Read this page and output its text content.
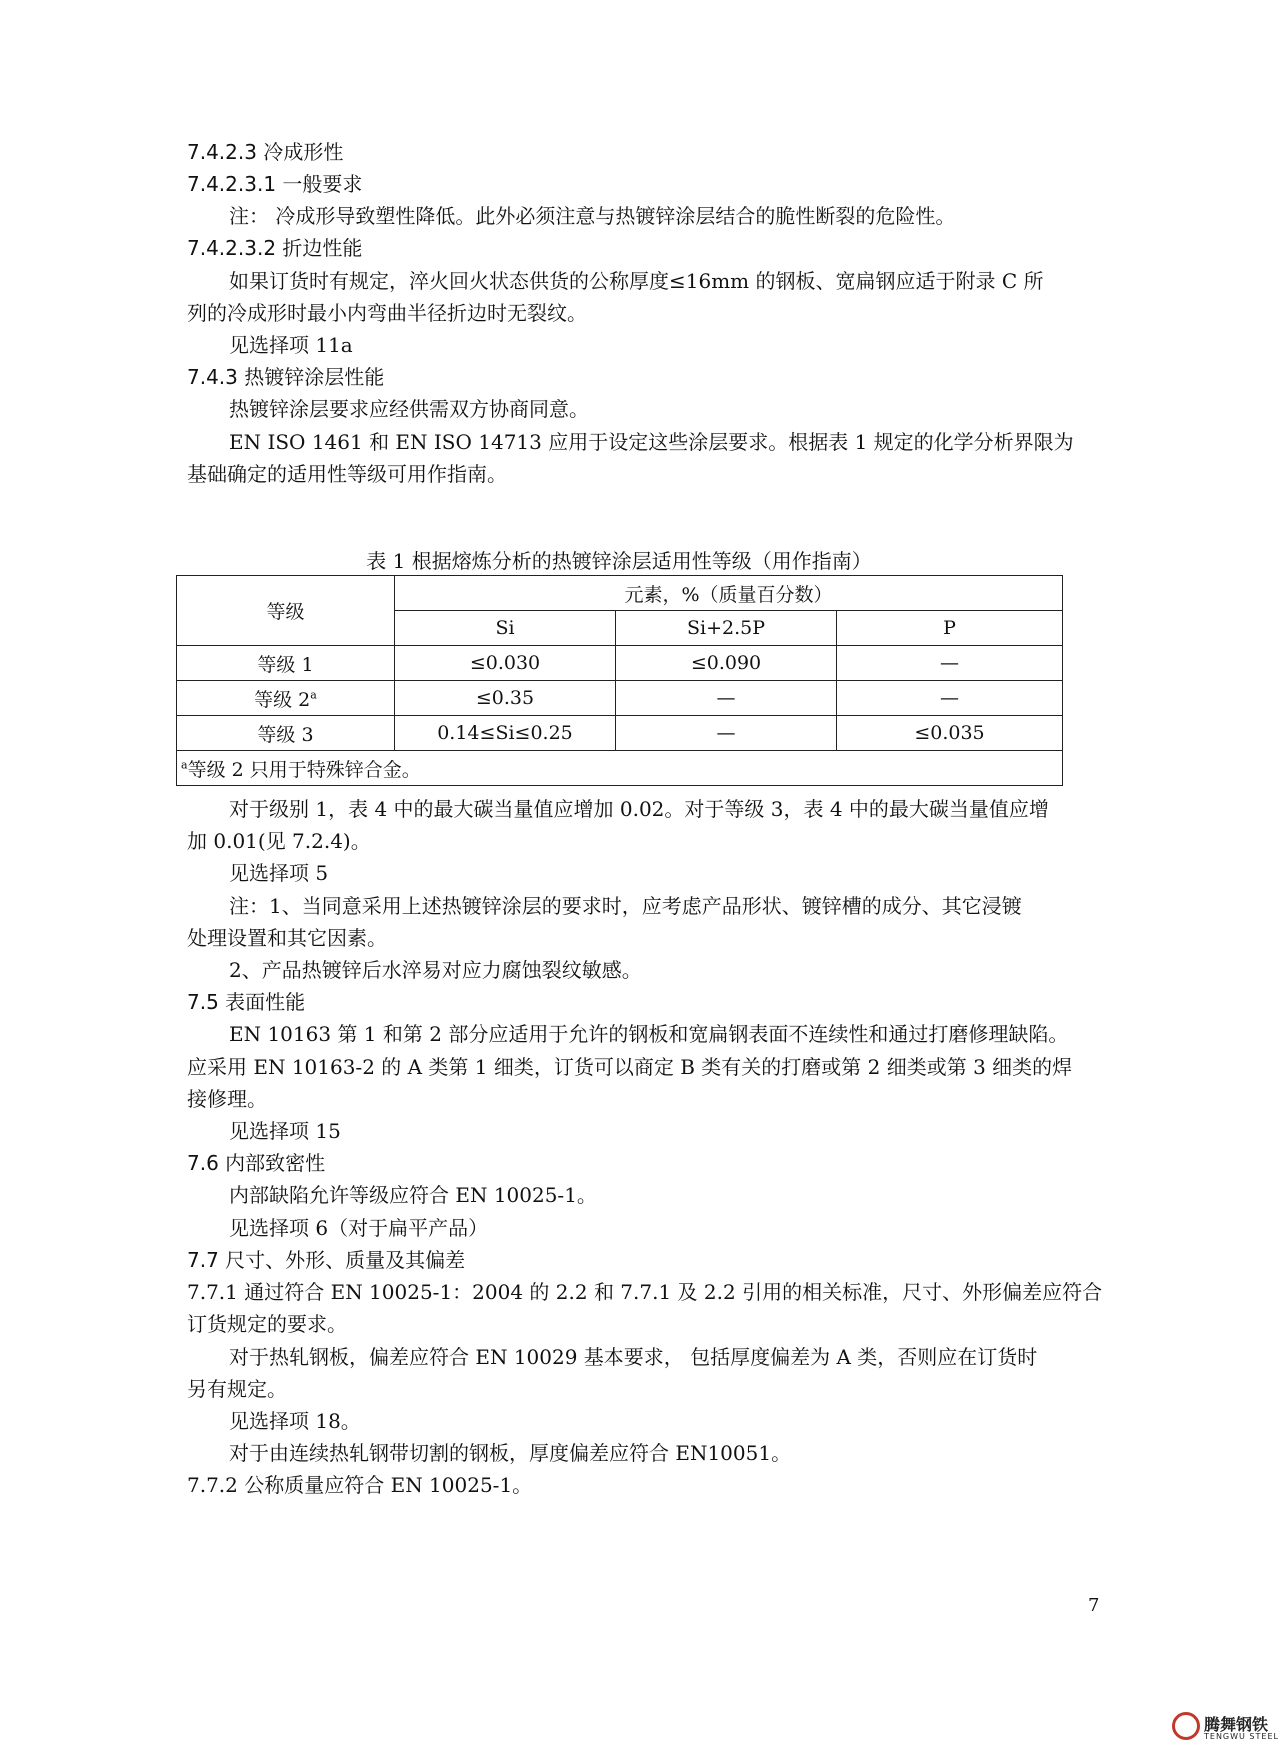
7.4.2.3 冷成形性
7.4.2.3.1 一般要求
注： 冷成形导致塑性降低。此外必须注意与热镀锌涂层结合的脆性断裂的危险性。
7.4.2.3.2 折边性能
如果订货时有规定，淬火回火状态供货的公称厚度≤16mm 的钢板、宽扁钢应适于附录 C 所
列的冷成形时最小内弯曲半径折边时无裂纹。
见选择项 11a
7.4.3 热镀锌涂层性能
热镀锌涂层要求应经供需双方协商同意。
EN ISO 1461 和 EN ISO 14713 应用于设定这些涂层要求。根据表 1 规定的化学分析界限为
基础确定的适用性等级可用作指南。
表 1 根据熔炼分析的热镀锌涂层适用性等级（用作指南）
等级	元素，%（质量百分数）		
	Si	Si+2.5P	P
等级 1	≤0.030	≤0.090	—
等级 $2^a$	≤0.35	—	—
等级 3	0.14≤Si≤0.25	—	≤0.035
$^a$等级 2 只用于特殊锌合金。			
对于级别 1，表 4 中的最大碳当量值应增加 0.02。对于等级 3，表 4 中的最大碳当量值应增
加 0.01(见 7.2.4)。
见选择项 5
注：1、当同意采用上述热镀锌涂层的要求时，应考虑产品形状、镀锌槽的成分、其它浸镀
处理设置和其它因素。
2、产品热镀锌后水淬易对应力腐蚀裂纹敏感。
7.5 表面性能
EN 10163 第 1 和第 2 部分应适用于允许的钢板和宽扁钢表面不连续性和通过打磨修理缺陷。
应采用 EN 10163-2 的 A 类第 1 细类，订货可以商定 B 类有关的打磨或第 2 细类或第 3 细类的焊
接修理。
见选择项 15
7.6 内部致密性
内部缺陷允许等级应符合 EN 10025-1。
见选择项 6（对于扁平产品）
7.7 尺寸、外形、质量及其偏差
7.7.1 通过符合 EN 10025-1：2004 的 2.2 和 7.7.1 及 2.2 引用的相关标准，尺寸、外形偏差应符合
订货规定的要求。
对于热轧钢板，偏差应符合 EN 10029 基本要求， 包括厚度偏差为 A 类，否则应在订货时
另有规定。
见选择项 18。
对于由连续热轧钢带切割的钢板，厚度偏差应符合 EN10051。
7.7.2 公称质量应符合 EN 10025-1。
7
腾舞钢铁
TENGWU STEEL
